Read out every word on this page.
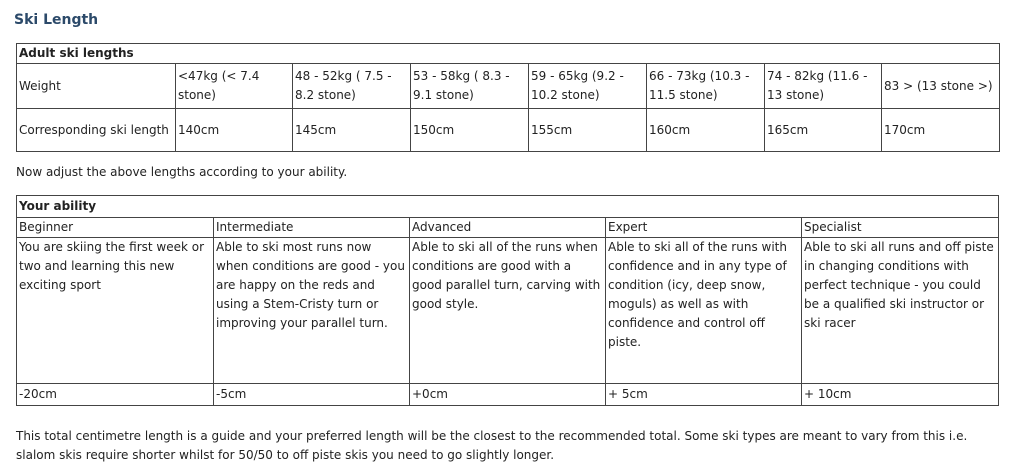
Ski Length
Adult ski lengths							
Weight	<47kg (< 7.4 stone)	48 - 52kg ( 7.5 - 8.2 stone)	53 - 58kg ( 8.3 - 9.1 stone)	59 - 65kg (9.2 - 10.2 stone)	66 - 73kg (10.3 - 11.5 stone)	74 - 82kg (11.6 - 13 stone)	83 > (13 stone >)
Corresponding ski length	140cm	145cm	150cm	155cm	160cm	165cm	170cm
Now adjust the above lengths according to your ability.
Your ability				
Beginner	Intermediate	Advanced	Expert	Specialist
You are skiing the first week or two and learning this new exciting sport	Able to ski most runs now when conditions are good - you are happy on the reds and using a Stem-Cristy turn or improving your parallel turn.	Able to ski all of the runs when conditions are good with a good parallel turn, carving with good style.	Able to ski all of the runs with confidence and in any type of condition (icy, deep snow, moguls) as well as with confidence and control off piste.	Able to ski all runs and off piste in changing conditions with perfect technique - you could be a qualified ski instructor or ski racer
-20cm	-5cm	+0cm	+ 5cm	+ 10cm
This total centimetre length is a guide and your preferred length will be the closest to the recommended total. Some ski types are meant to vary from this i.e. slalom skis require shorter whilst for 50/50 to off piste skis you need to go slightly longer.
